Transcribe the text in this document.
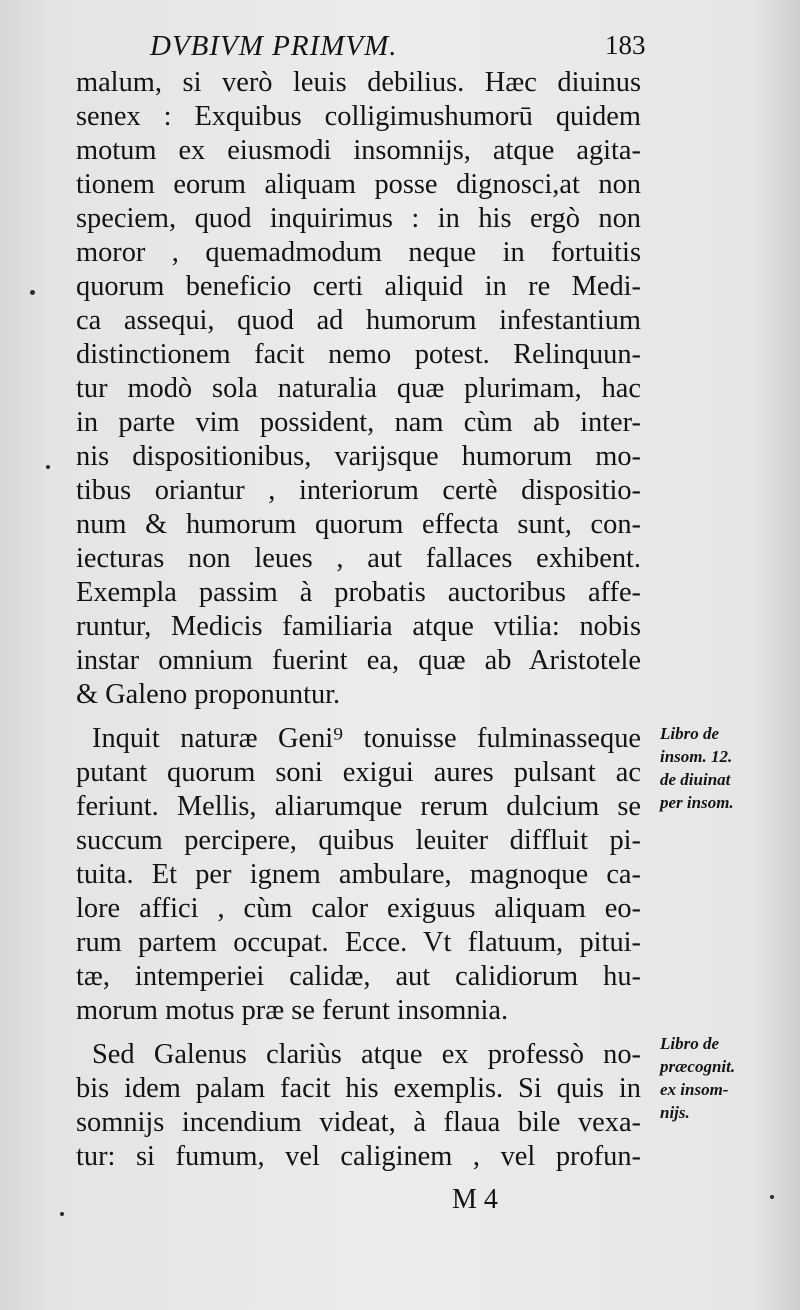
DVBIVM PRIMVM.	183
malum, si verò leuis debilius. Hæc diuinus
senex : Exquibus colligimushumorū quidem
motum ex eiusmodi insomnijs, atque agita-
tionem eorum aliquam posse dignosci,at non
speciem, quod inquirimus : in his ergò non
moror , quemadmodum neque in fortuitis
quorum beneficio certi aliquid in re Medi-
ca assequi, quod ad humorum infestantium
distinctionem facit nemo potest. Relinquun-
tur modò sola naturalia quæ plurimam, hac
in parte vim possident, nam cùm ab inter-
nis dispositionibus, varijsque humorum mo-
tibus oriantur , interiorum certè dispositio-
num & humorum quorum effecta sunt, con-
iecturas non leues , aut fallaces exhibent.
Exempla passim à probatis auctoribus affe-
runtur, Medicis familiaria atque vtilia: nobis
instar omnium fuerint ea, quæ ab Aristotele
& Galeno proponuntur.
Inquit naturæ Geni⁹ tonuisse fulminasseque
putant quorum soni exigui aures pulsant ac
feriunt. Mellis, aliarumque rerum dulcium se
succum percipere, quibus leuiter diffluit pi-
tuita. Et per ignem ambulare, magnoque ca-
lore affici , cùm calor exiguus aliquam eo-
rum partem occupat. Ecce. Vt flatuum, pitui-
tæ, intemperiei calidæ, aut calidiorum hu-
morum motus præ se ferunt insomnia.
Sed Galenus clariùs atque ex professò no-
bis idem palam facit his exemplis. Si quis in
somnijs incendium videat, à flaua bile vexa-
tur: si fumum, vel caliginem , vel profun-
Libro de
insom. 12.
de diuinat
per insom.
Libro de
præcognit.
ex insom-
nijs.
M 4
